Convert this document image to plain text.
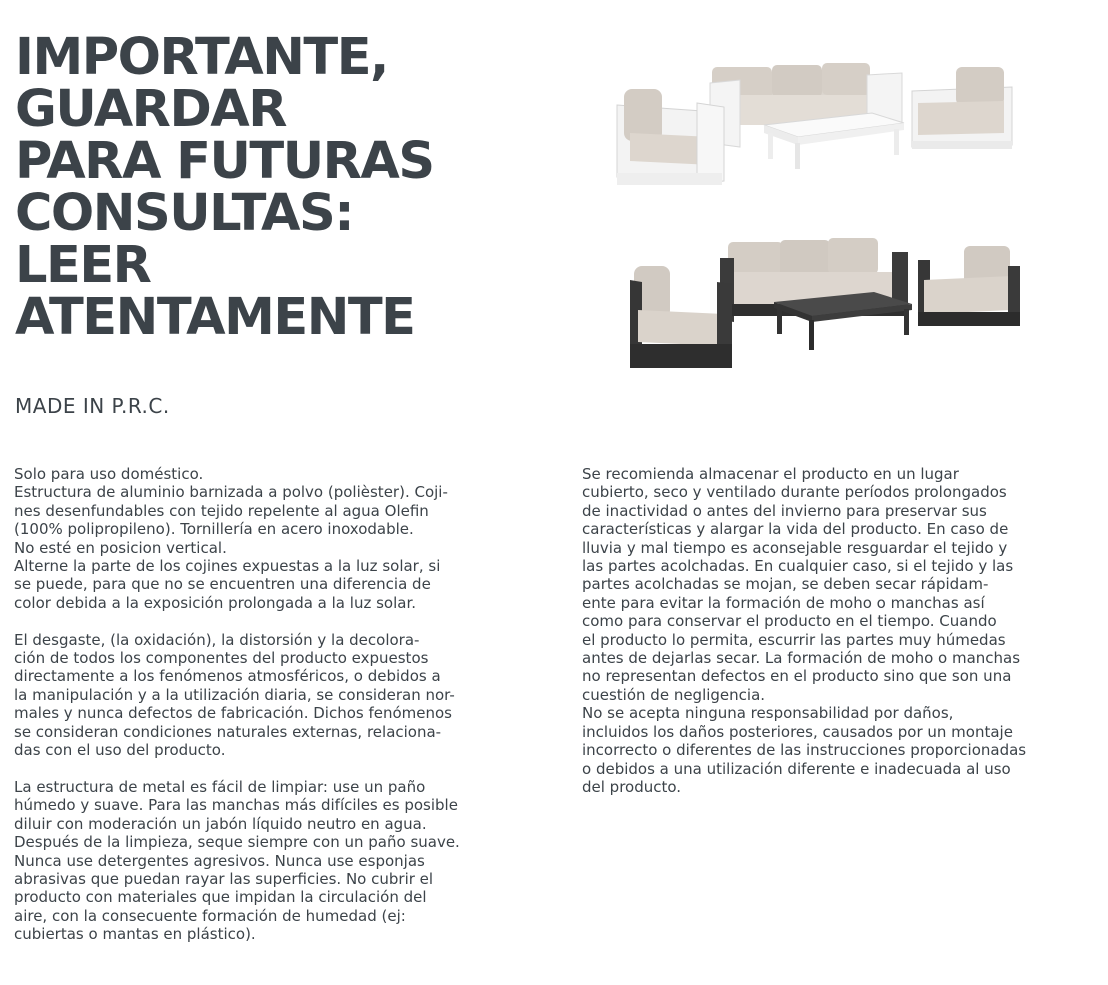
IMPORTANTE,
GUARDAR
PARA FUTURAS
CONSULTAS:
LEER
ATENTAMENTE

MADE IN P.R.C.

Solo para uso doméstico.
Estructura de aluminio barnizada a polvo (polièster). Coji-
nes desenfundables con tejido repelente al agua Olefin
(100% polipropileno). Tornillería en acero inoxodable.
No esté en posicion vertical.
Alterne la parte de los cojines expuestas a la luz solar, si
se puede, para que no se encuentren una diferencia de
color debida a la exposición prolongada a la luz solar.

El desgaste, (la oxidación), la distorsión y la decolora-
ción de todos los componentes del producto expuestos
directamente a los fenómenos atmosféricos, o debidos a
la manipulación y a la utilización diaria, se consideran nor-
males y nunca defectos de fabricación. Dichos fenómenos
se consideran condiciones naturales externas, relaciona-
das con el uso del producto.

La estructura de metal es fácil de limpiar: use un paño
húmedo y suave. Para las manchas más difíciles es posible
diluir con moderación un jabón líquido neutro en agua.
Después de la limpieza, seque siempre con un paño suave.
Nunca use detergentes agresivos. Nunca use esponjas
abrasivas que puedan rayar las superficies. No cubrir el
producto con materiales que impidan la circulación del
aire, con la consecuente formación de humedad (ej:
cubiertas o mantas en plástico).

Se recomienda almacenar el producto en un lugar
cubierto, seco y ventilado durante períodos prolongados
de inactividad o antes del invierno para preservar sus
características y alargar la vida del producto. En caso de
lluvia y mal tiempo es aconsejable resguardar el tejido y
las partes acolchadas. En cualquier caso, si el tejido y las
partes acolchadas se mojan, se deben secar rápidam-
ente para evitar la formación de moho o manchas así
como para conservar el producto en el tiempo. Cuando
el producto lo permita, escurrir las partes muy húmedas
antes de dejarlas secar. La formación de moho o manchas
no representan defectos en el producto sino que son una
cuestión de negligencia.
No se acepta ninguna responsabilidad por daños,
incluidos los daños posteriores, causados por un montaje
incorrecto o diferentes de las instrucciones proporcionadas
o debidos a una utilización diferente e inadecuada al uso
del producto.
